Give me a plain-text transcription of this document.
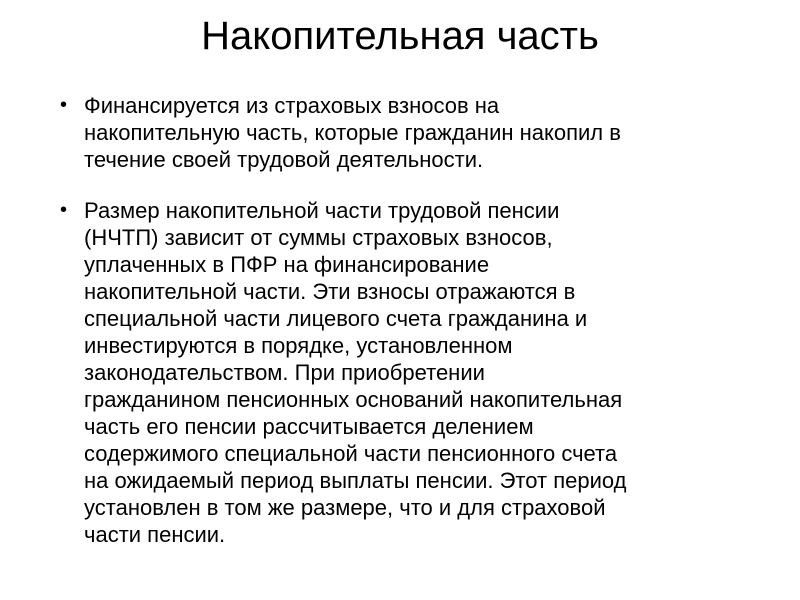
Накопительная часть
• Финансируется из страховых взносов на
накопительную часть, которые гражданин накопил в
течение своей трудовой деятельности.
• Размер накопительной части трудовой пенсии
(НЧТП) зависит от суммы страховых взносов,
уплаченных в ПФР на финансирование
накопительной части. Эти взносы отражаются в
специальной части лицевого счета гражданина и
инвестируются в порядке, установленном
законодательством. При приобретении
гражданином пенсионных оснований накопительная
часть его пенсии рассчитывается делением
содержимого специальной части пенсионного счета
на ожидаемый период выплаты пенсии. Этот период
установлен в том же размере, что и для страховой
части пенсии.
